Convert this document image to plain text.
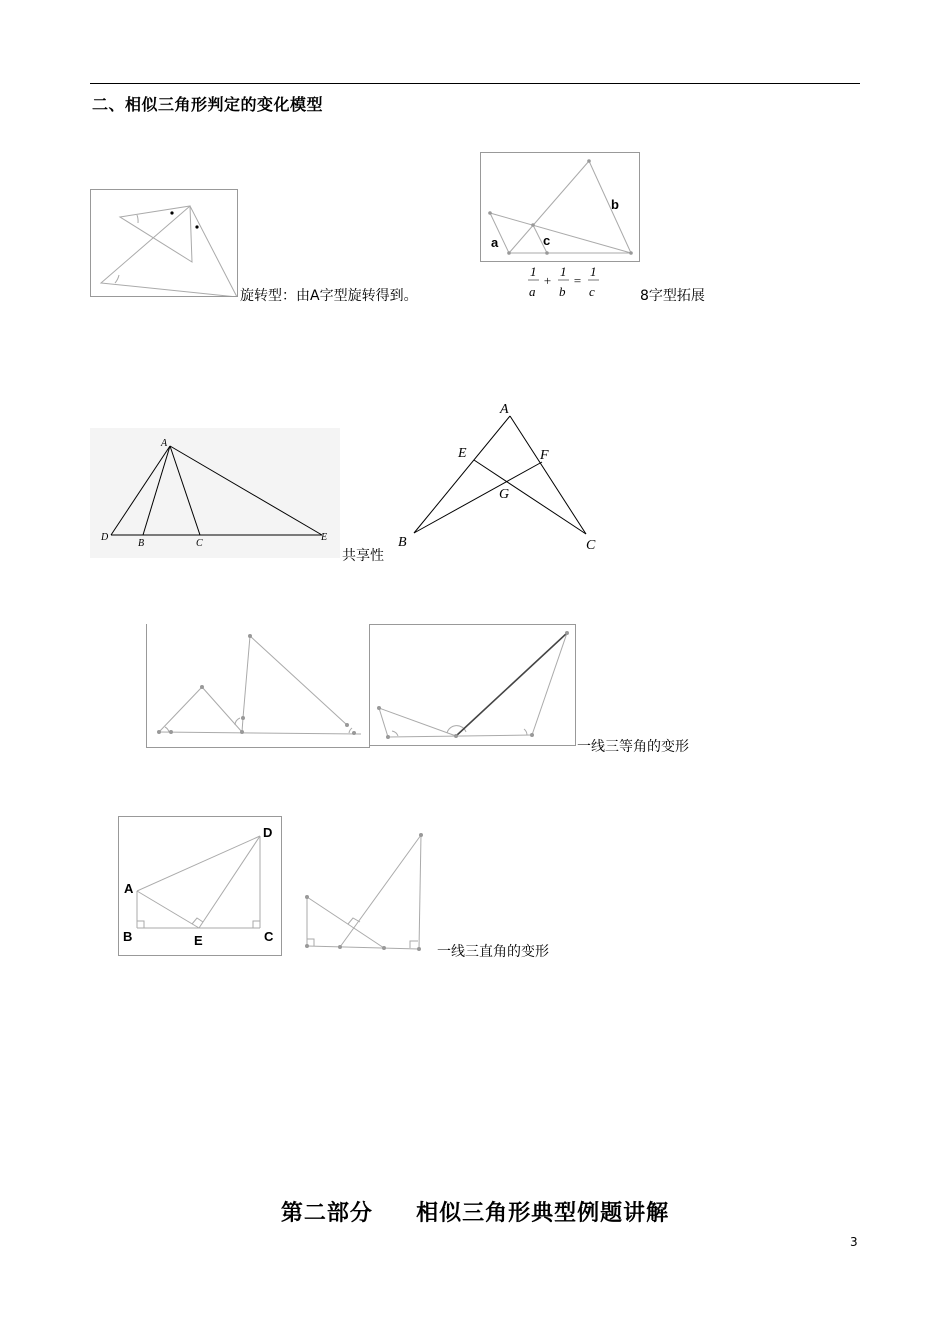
二、相似三角形判定的变化模型
旋转型：由A字型旋转得到。
a	c
b
1
a
+
1
b
=
1
c	8字型拓展
A
D
B	C
E
共享性
A
E	F
G
B	C
一线三等角的变形
A
B	E	C
D
一线三直角的变形
第二部分     相似三角形典型例题讲解
3
